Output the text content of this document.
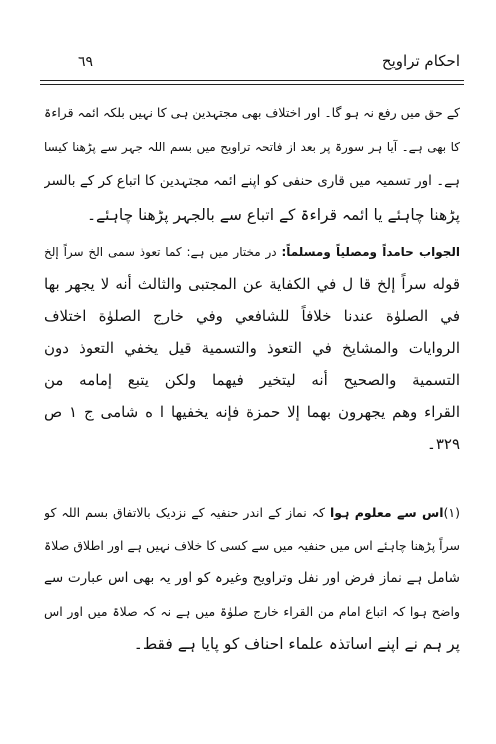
احکام تراویح
٦٩
کے حق میں رفع نہ ہو گا۔ اور اختلاف بھی مجتہدین ہی کا نہیں بلکہ ائمہ قراءۃ
کا بھی ہے۔ آیا ہر سورۃ پر بعد از فاتحہ تراویح میں بسم اللہ جہر سے پڑھنا کیسا
ہے۔ اور تسمیہ میں قاری حنفی کو اپنے ائمہ مجتہدین کا اتباع کر کے بالسر
پڑھنا چاہئے یا ائمہ قراءۃ کے اتباع سے بالجہر پڑھنا چاہئے۔
الجواب حامداً ومصلیاً ومسلماً: در مختار میں ہے: كما تعوذ سمى الخ سراً إلخ
قوله سراً إلخ قا ل في الكفاية عن المجتبى والثالث أنه لا يجهر بها
في الصلوٰة عندنا خلافاً للشافعي وفي خارج الصلوٰة اختلاف
الروايات والمشايخ في التعوذ والتسمية قيل يخفي التعوذ دون
التسمية والصحيح أنه ليتخير فيهما ولكن يتبع إمامه من
القراء وهم يجهرون بهما إلا حمزة فإنه يخفيها ا ه شامی ج ١ ص
٣٢٩۔
(١)اس سے معلوم ہوا کہ نماز کے اندر حنفیہ کے نزدیک بالاتفاق بسم اللہ کو
سراً پڑھنا چاہئے اس میں حنفیہ میں سے کسی کا خلاف نہیں ہے اور اطلاق صلاۃ
شامل ہے نماز فرض اور نفل وتراویح وغیرہ کو اور یہ بھی اس عبارت سے
واضح ہوا کہ اتباع امام من القراء خارج صلوٰۃ میں ہے نہ کہ صلاۃ میں اور اس
پر ہم نے اپنے اساتذہ علماء احناف کو پایا ہے فقط۔
